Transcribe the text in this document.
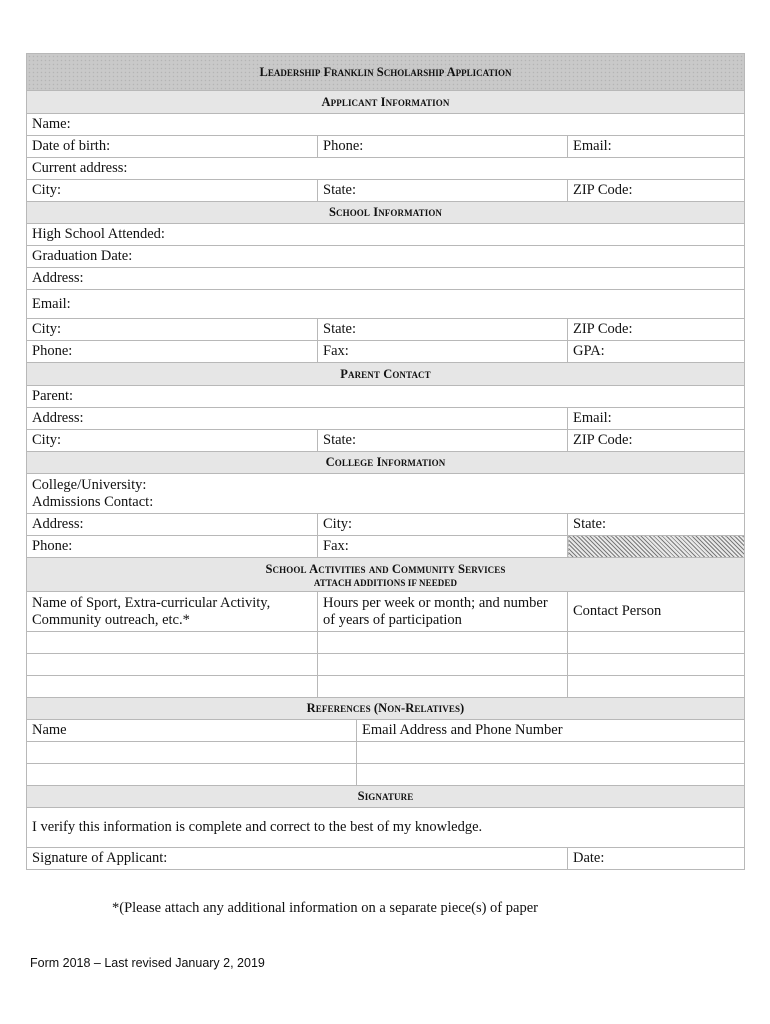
Leadership Franklin Scholarship Application			
Applicant Information			
Name:			
Date of birth:	Phone:		Email:
Current address:			
City:	State:		ZIP Code:
School Information			
High School Attended:			
Graduation Date:			
Address:			
Email:			
City:	State:		ZIP Code:
Phone:	Fax:		GPA:
Parent Contact			
Parent:			
Address:			Email:
City:	State:		ZIP Code:
College Information			
College/University:
Admissions Contact:			
Address:	City:		State:
Phone:	Fax:		
School Activities and Community Services
ATTACH ADDITIONS IF NEEDED			

Name of Sport, Extra-curricular Activity,
Community outreach, etc.*	Hours per week or month; and number
of years of participation		Contact Person

References (Non-Relatives)			
Name		Email Address and Phone Number	

Signature			
I verify this information is complete and correct to the best of my knowledge.			
Signature of Applicant:			Date:
*(Please attach any additional information on a separate piece(s) of paper
Form 2018 – Last revised January 2, 2019
